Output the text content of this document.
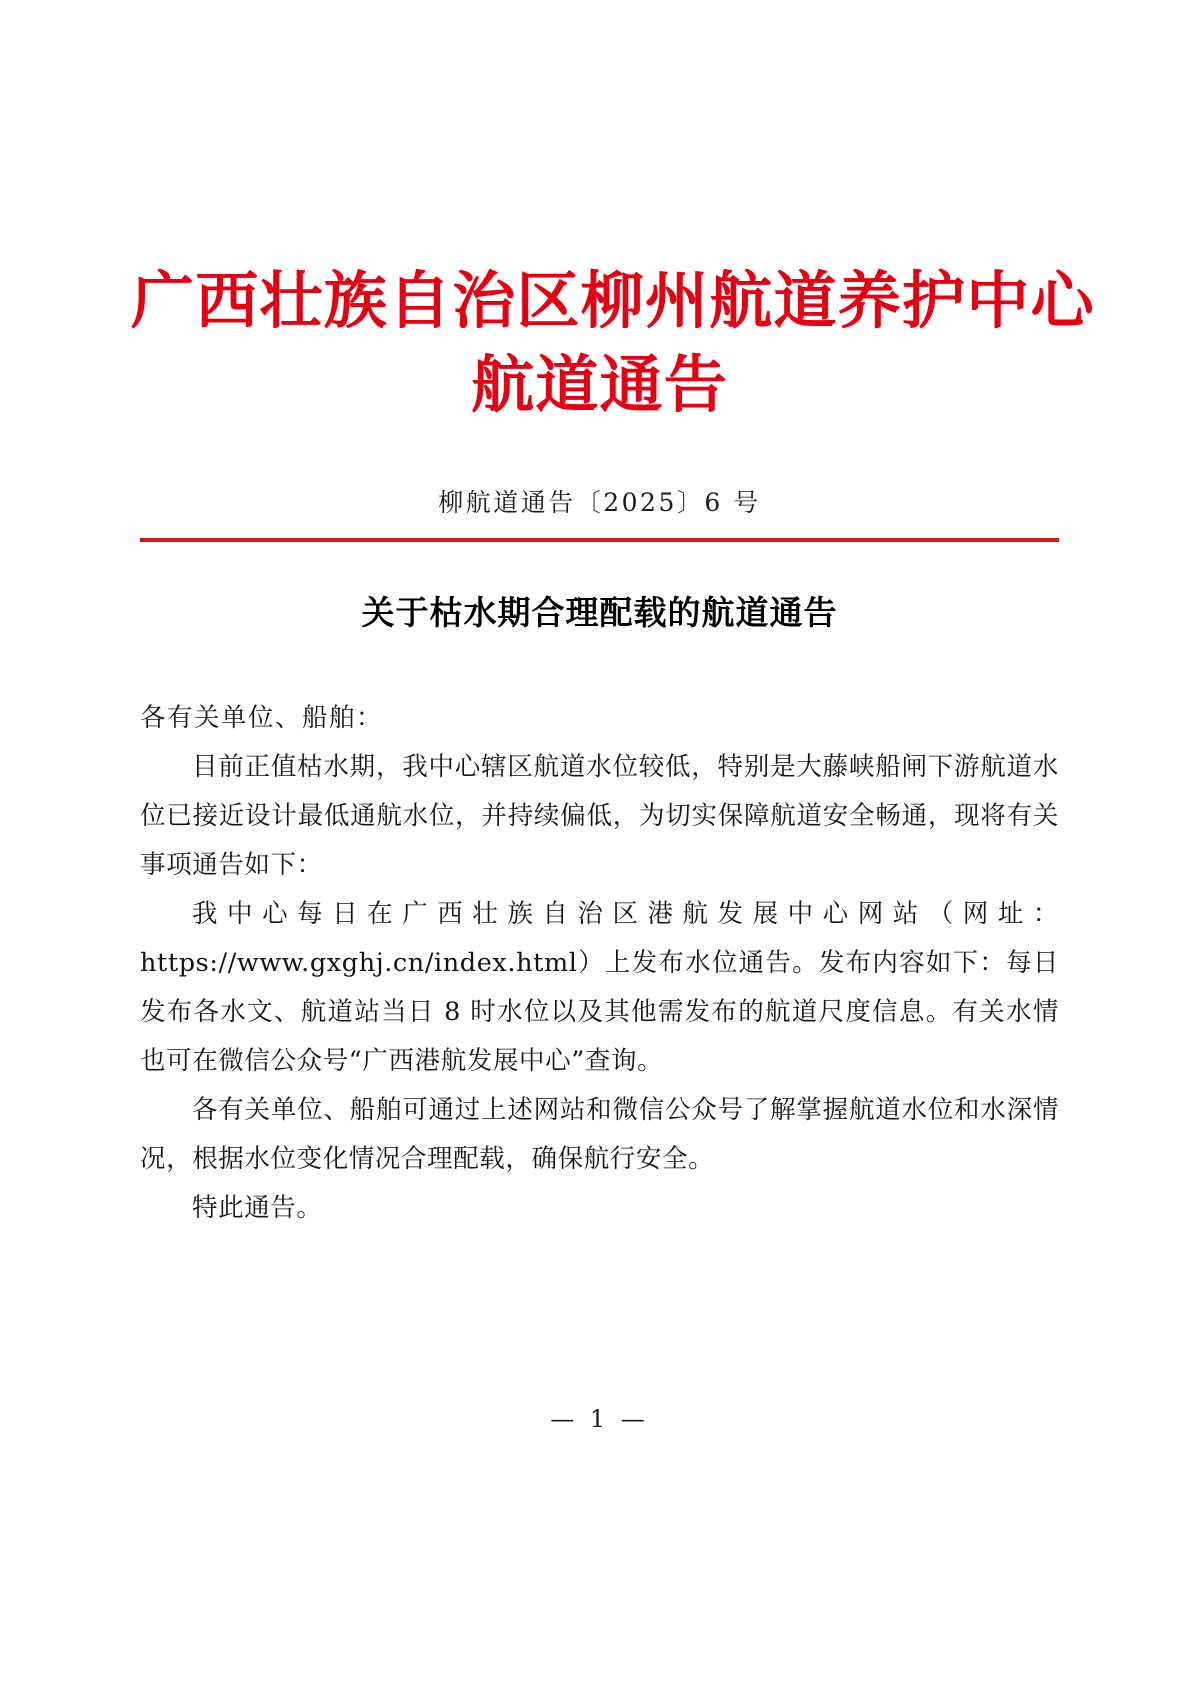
广西壮族自治区柳州航道养护中心
航道通告
柳航道通告〔2025〕6 号
关于枯水期合理配载的航道通告

各有关单位、船舶：

目前正值枯水期，我中心辖区航道水位较低，特别是大藤峡船闸下游航道水位已接近设计最低通航水位，并持续偏低，为切实保障航道安全畅通，现将有关事项通告如下：

我中心每日在广西壮族自治区港航发展中心网站（网址：https://www.gxghj.cn/index.html）上发布水位通告。发布内容如下：每日发布各水文、航道站当日 8 时水位以及其他需发布的航道尺度信息。有关水情也可在微信公众号“广西港航发展中心”查询。

各有关单位、船舶可通过上述网站和微信公众号了解掌握航道水位和水深情况，根据水位变化情况合理配载，确保航行安全。

特此通告。

— 1 —
